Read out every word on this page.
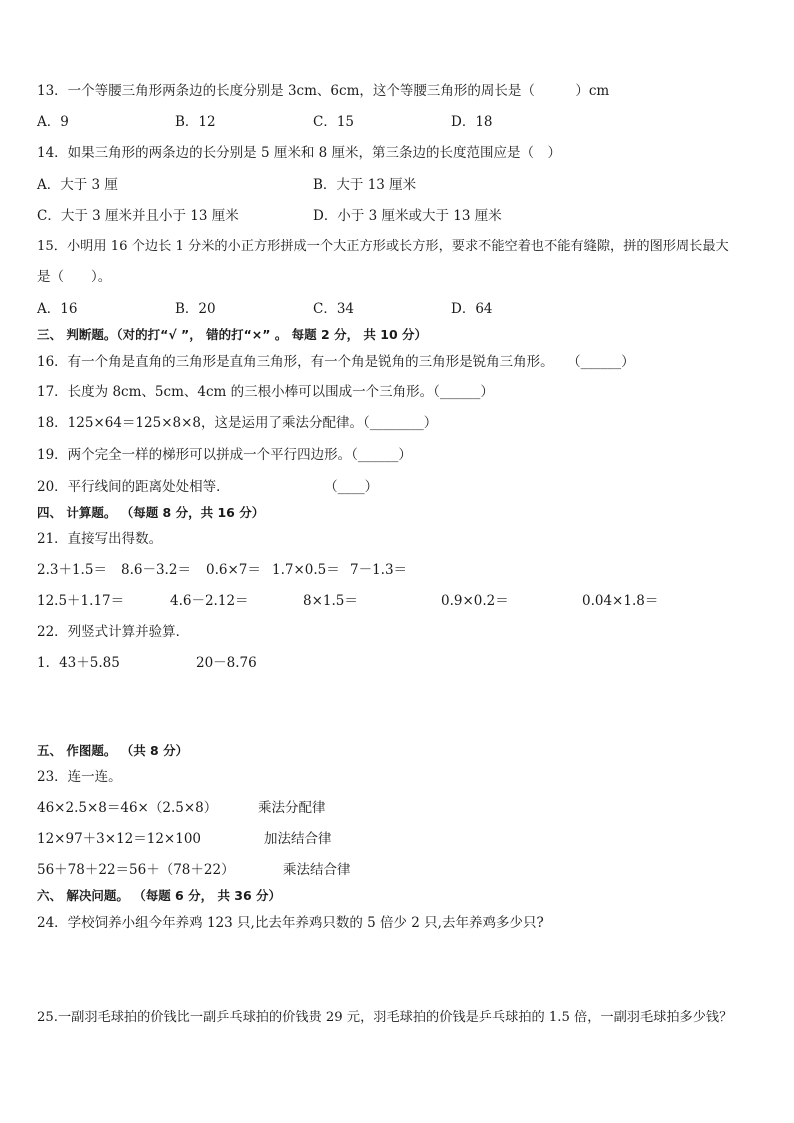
13．一个等腰三角形两条边的长度分别是 3cm、6cm，这个等腰三角形的周长是（　　　）cm
A．9	B．12	C．15	D．18
14．如果三角形的两条边的长分别是 5 厘米和 8 厘米，第三条边的长度范围应是（　）
A．大于 3 厘	B．大于 13 厘米
C．大于 3 厘米并且小于 13 厘米	D．小于 3 厘米或大于 13 厘米
15．小明用 16 个边长 1 分米的小正方形拼成一个大正方形或长方形，要求不能空着也不能有缝隙，拼的图形周长最大
是（　　）。
A．16	B．20	C．34	D．64
三、 判断题。（对的打“√ ”， 错的打“×” 。 每题 2 分， 共 10 分）
16．有一个角是直角的三角形是直角三角形，有一个角是锐角的三角形是锐角三角形。　　（______）
17．长度为 8cm、5cm、4cm 的三根小棒可以围成一个三角形。（______）
18．125×64＝125×8×8，这是运用了乘法分配律。（________）
19．两个完全一样的梯形可以拼成一个平行四边形。（______）
20．平行线间的距离处处相等．　　　　　　　　（____）
四、 计算题。 （每题 8 分，共 16 分）
21．直接写出得数。
2.3＋1.5＝ 8.6－3.2＝ 0.6×7＝ 1.7×0.5＝ 7－1.3＝
12.5＋1.17＝	4.6－2.12＝	8×1.5＝	0.9×0.2＝	0.04×1.8＝
22．列竖式计算并验算．
1．43＋5.85	20－8.76
五、 作图题。 （共 8 分）
23．连一连。
46×2.5×8＝46×（2.5×8）	乘法分配律
12×97＋3×12＝12×100	加法结合律
56＋78＋22＝56＋（78＋22）	乘法结合律
六、 解决问题。 （每题 6 分， 共 36 分）
24．学校饲养小组今年养鸡 123 只,比去年养鸡只数的 5 倍少 2 只,去年养鸡多少只?
25.一副羽毛球拍的价钱比一副乒乓球拍的价钱贵 29 元，羽毛球拍的价钱是乒乓球拍的 1.5 倍，一副羽毛球拍多少钱？
